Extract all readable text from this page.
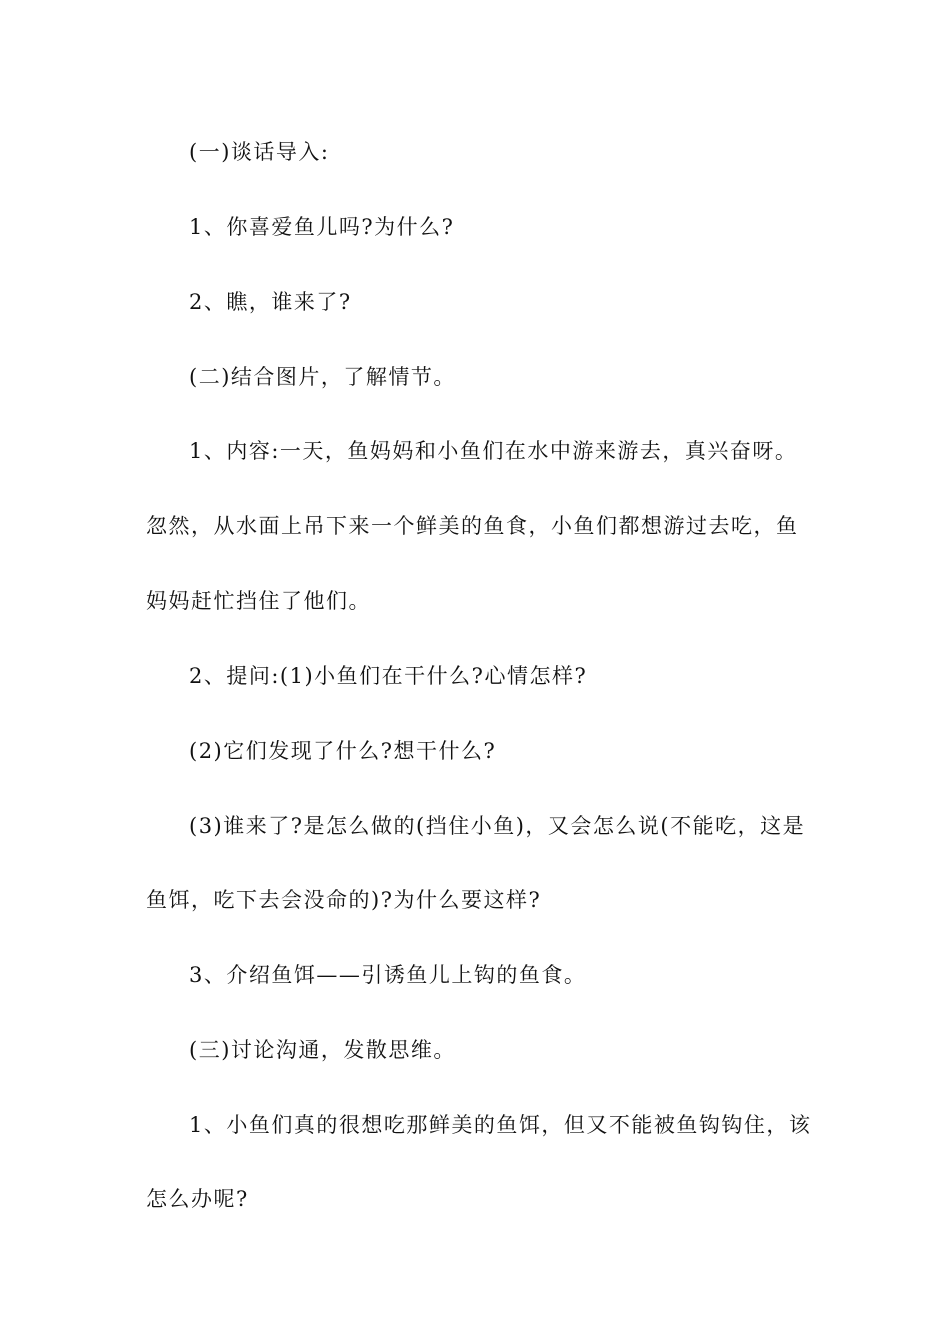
(一)谈话导入:
1、你喜爱鱼儿吗?为什么?
2、瞧，谁来了?
(二)结合图片，了解情节。
1、内容:一天，鱼妈妈和小鱼们在水中游来游去，真兴奋呀。
忽然，从水面上吊下来一个鲜美的鱼食，小鱼们都想游过去吃，鱼
妈妈赶忙挡住了他们。
2、提问:(1)小鱼们在干什么?心情怎样?
(2)它们发现了什么?想干什么?
(3)谁来了?是怎么做的(挡住小鱼)，又会怎么说(不能吃，这是
鱼饵，吃下去会没命的)?为什么要这样?
3、介绍鱼饵——引诱鱼儿上钩的鱼食。
(三)讨论沟通，发散思维。
1、小鱼们真的很想吃那鲜美的鱼饵，但又不能被鱼钩钩住，该
怎么办呢?
